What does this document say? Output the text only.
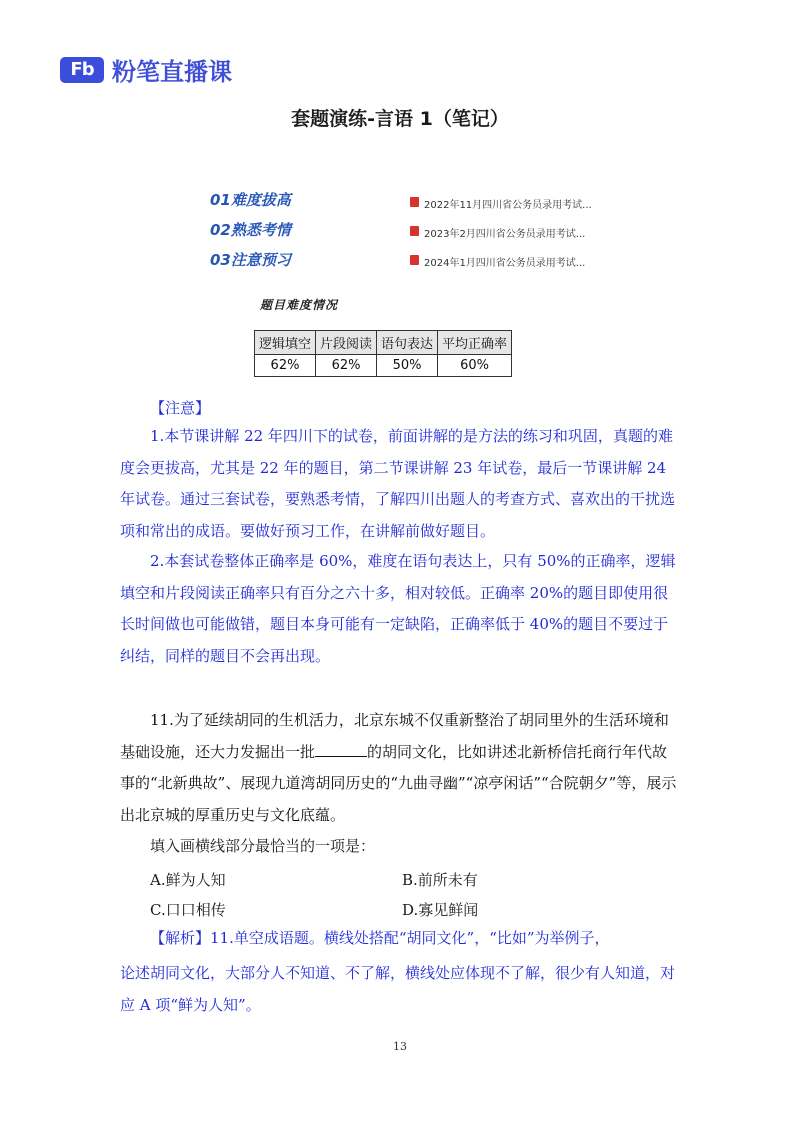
Fb 粉笔直播课
套题演练-言语 1（笔记）
01难度拔高
02熟悉考情
03注意预习
2022年11月四川省公务员录用考试...
2023年2月四川省公务员录用考试...
2024年1月四川省公务员录用考试...
题目难度情况
逻辑填空	片段阅读	语句表达	平均正确率
62%	62%	50%	60%
【注意】
1.本节课讲解 22 年四川下的试卷，前面讲解的是方法的练习和巩固，真题的难度会更拔高，尤其是 22 年的题目，第二节课讲解 23 年试卷，最后一节课讲解 24 年试卷。通过三套试卷，要熟悉考情，了解四川出题人的考查方式、喜欢出的干扰选项和常出的成语。要做好预习工作，在讲解前做好题目。
2.本套试卷整体正确率是 60%，难度在语句表达上，只有 50%的正确率，逻辑填空和片段阅读正确率只有百分之六十多，相对较低。正确率 20%的题目即使用很长时间做也可能做错，题目本身可能有一定缺陷，正确率低于 40%的题目不要过于纠结，同样的题目不会再出现。
11.为了延续胡同的生机活力，北京东城不仅重新整治了胡同里外的生活环境和基础设施，还大力发掘出一批	的胡同文化，比如讲述北新桥信托商行年代故事的“北新典故”、展现九道湾胡同历史的“九曲寻幽”“凉亭闲话”“合院朝夕”等，展示出北京城的厚重历史与文化底蕴。
填入画横线部分最恰当的一项是：
A.鲜为人知	B.前所未有
C.口口相传	D.寡见鲜闻
【解析】11.单空成语题。横线处搭配“胡同文化”，“比如”为举例子，
论述胡同文化，大部分人不知道、不了解，横线处应体现不了解，很少有人知道，对应 A 项“鲜为人知”。
13
